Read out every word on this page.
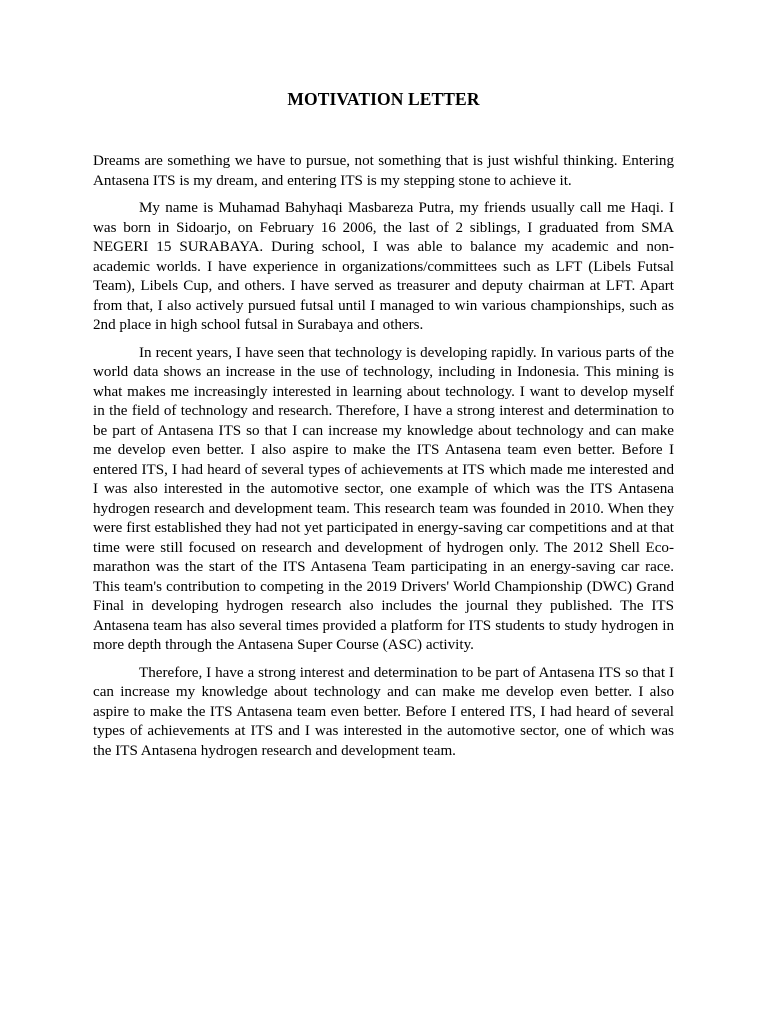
MOTIVATION LETTER

Dreams are something we have to pursue, not something that is just wishful thinking. Entering Antasena ITS is my dream, and entering ITS is my stepping stone to achieve it.

My name is Muhamad Bahyhaqi Masbareza Putra, my friends usually call me Haqi. I was born in Sidoarjo, on February 16 2006, the last of 2 siblings, I graduated from SMA NEGERI 15 SURABAYA. During school, I was able to balance my academic and non-academic worlds. I have experience in organizations/committees such as LFT (Libels Futsal Team), Libels Cup, and others. I have served as treasurer and deputy chairman at LFT. Apart from that, I also actively pursued futsal until I managed to win various championships, such as 2nd place in high school futsal in Surabaya and others.

In recent years, I have seen that technology is developing rapidly. In various parts of the world data shows an increase in the use of technology, including in Indonesia. This mining is what makes me increasingly interested in learning about technology. I want to develop myself in the field of technology and research. Therefore, I have a strong interest and determination to be part of Antasena ITS so that I can increase my knowledge about technology and can make me develop even better. I also aspire to make the ITS Antasena team even better. Before I entered ITS, I had heard of several types of achievements at ITS which made me interested and I was also interested in the automotive sector, one example of which was the ITS Antasena hydrogen research and development team. This research team was founded in 2010. When they were first established they had not yet participated in energy-saving car competitions and at that time were still focused on research and development of hydrogen only. The 2012 Shell Eco-marathon was the start of the ITS Antasena Team participating in an energy-saving car race. This team's contribution to competing in the 2019 Drivers' World Championship (DWC) Grand Final in developing hydrogen research also includes the journal they published. The ITS Antasena team has also several times provided a platform for ITS students to study hydrogen in more depth through the Antasena Super Course (ASC) activity.

Therefore, I have a strong interest and determination to be part of Antasena ITS so that I can increase my knowledge about technology and can make me develop even better. I also aspire to make the ITS Antasena team even better. Before I entered ITS, I had heard of several types of achievements at ITS and I was interested in the automotive sector, one of which was the ITS Antasena hydrogen research and development team.
